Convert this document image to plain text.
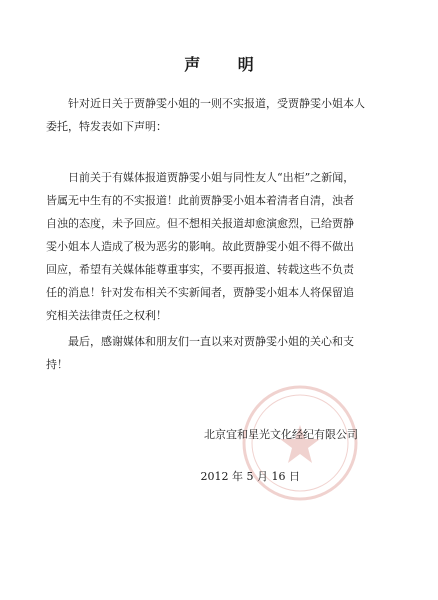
声 明

针对近日关于贾静雯小姐的一则不实报道，受贾静雯小姐本人
委托，特发表如下声明：

日前关于有媒体报道贾静雯小姐与同性友人“出柜”之新闻，
皆属无中生有的不实报道！此前贾静雯小姐本着清者自清，浊者
自浊的态度，未予回应。但不想相关报道却愈演愈烈，已给贾静
雯小姐本人造成了极为恶劣的影响。故此贾静雯小姐不得不做出
回应，希望有关媒体能尊重事实，不要再报道、转载这些不负责
任的消息！针对发布相关不实新闻者，贾静雯小姐本人将保留追
究相关法律责任之权利！

最后，感谢媒体和朋友们一直以来对贾静雯小姐的关心和支
持！

北京宜和星光文化经纪有限公司
2012 年 5 月 16 日
